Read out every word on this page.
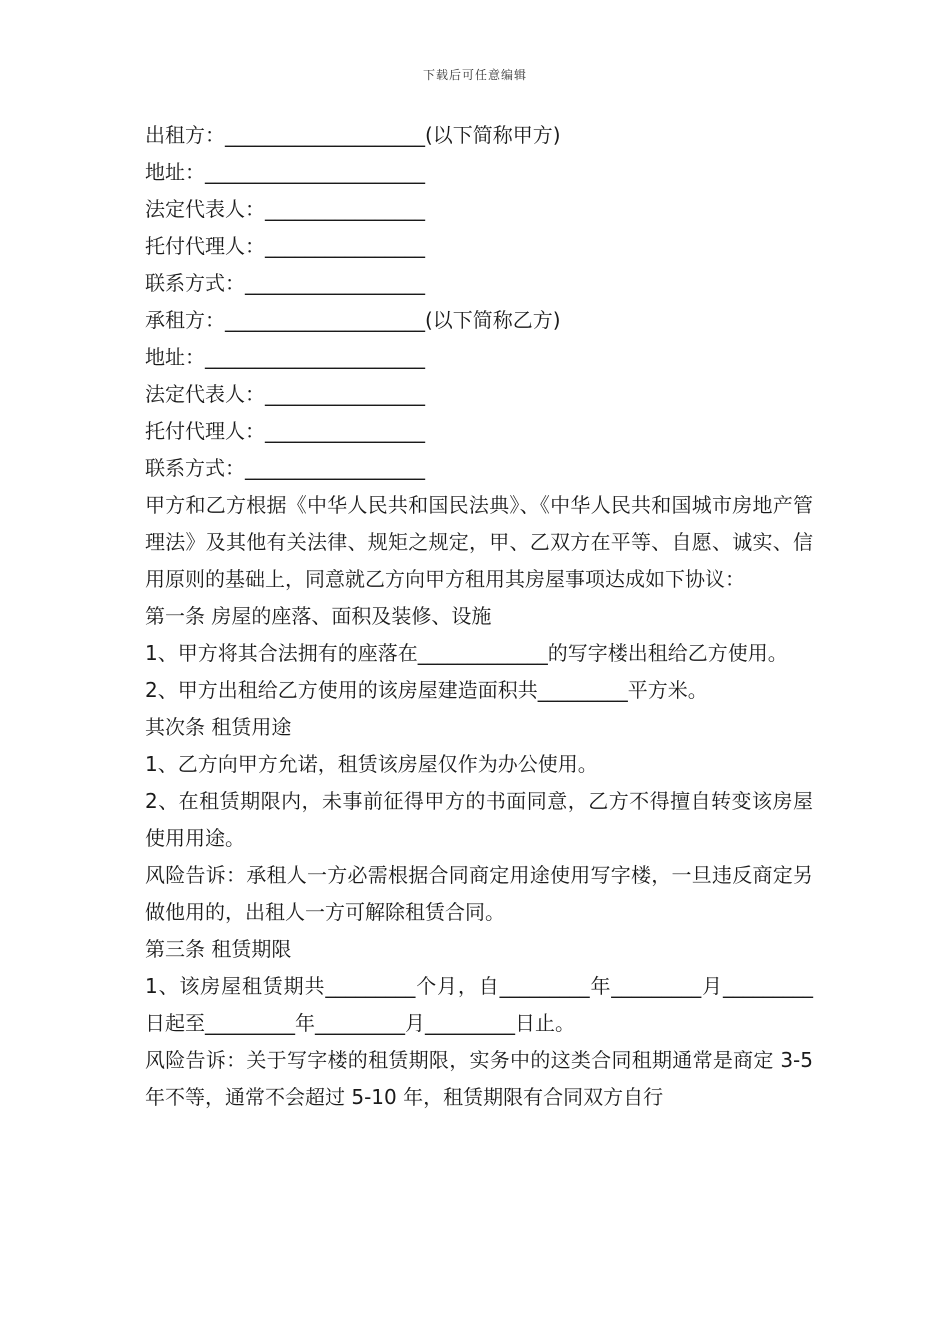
下载后可任意编辑
出租方：____________________(以下简称甲方)
地址：______________________
法定代表人：________________
托付代理人：________________
联系方式：__________________
承租方：____________________(以下简称乙方)
地址：______________________
法定代表人：________________
托付代理人：________________
联系方式：__________________
甲方和乙方根据《中华人民共和国民法典》、《中华人民共和国城市房地产管理法》及其他有关法律、规矩之规定，甲、乙双方在平等、自愿、诚实、信用原则的基础上，同意就乙方向甲方租用其房屋事项达成如下协议：
第一条 房屋的座落、面积及装修、设施
1、甲方将其合法拥有的座落在_____________的写字楼出租给乙方使用。
2、甲方出租给乙方使用的该房屋建造面积共_________平方米。
其次条 租赁用途
1、乙方向甲方允诺，租赁该房屋仅作为办公使用。
2、在租赁期限内，未事前征得甲方的书面同意，乙方不得擅自转变该房屋使用用途。
风险告诉：承租人一方必需根据合同商定用途使用写字楼，一旦违反商定另做他用的，出租人一方可解除租赁合同。
第三条 租赁期限
1、该房屋租赁期共_________个月，自_________年_________月_________日起至_________年_________月_________日止。
风险告诉：关于写字楼的租赁期限，实务中的这类合同租期通常是商定 3-5 年不等，通常不会超过 5-10 年，租赁期限有合同双方自行
